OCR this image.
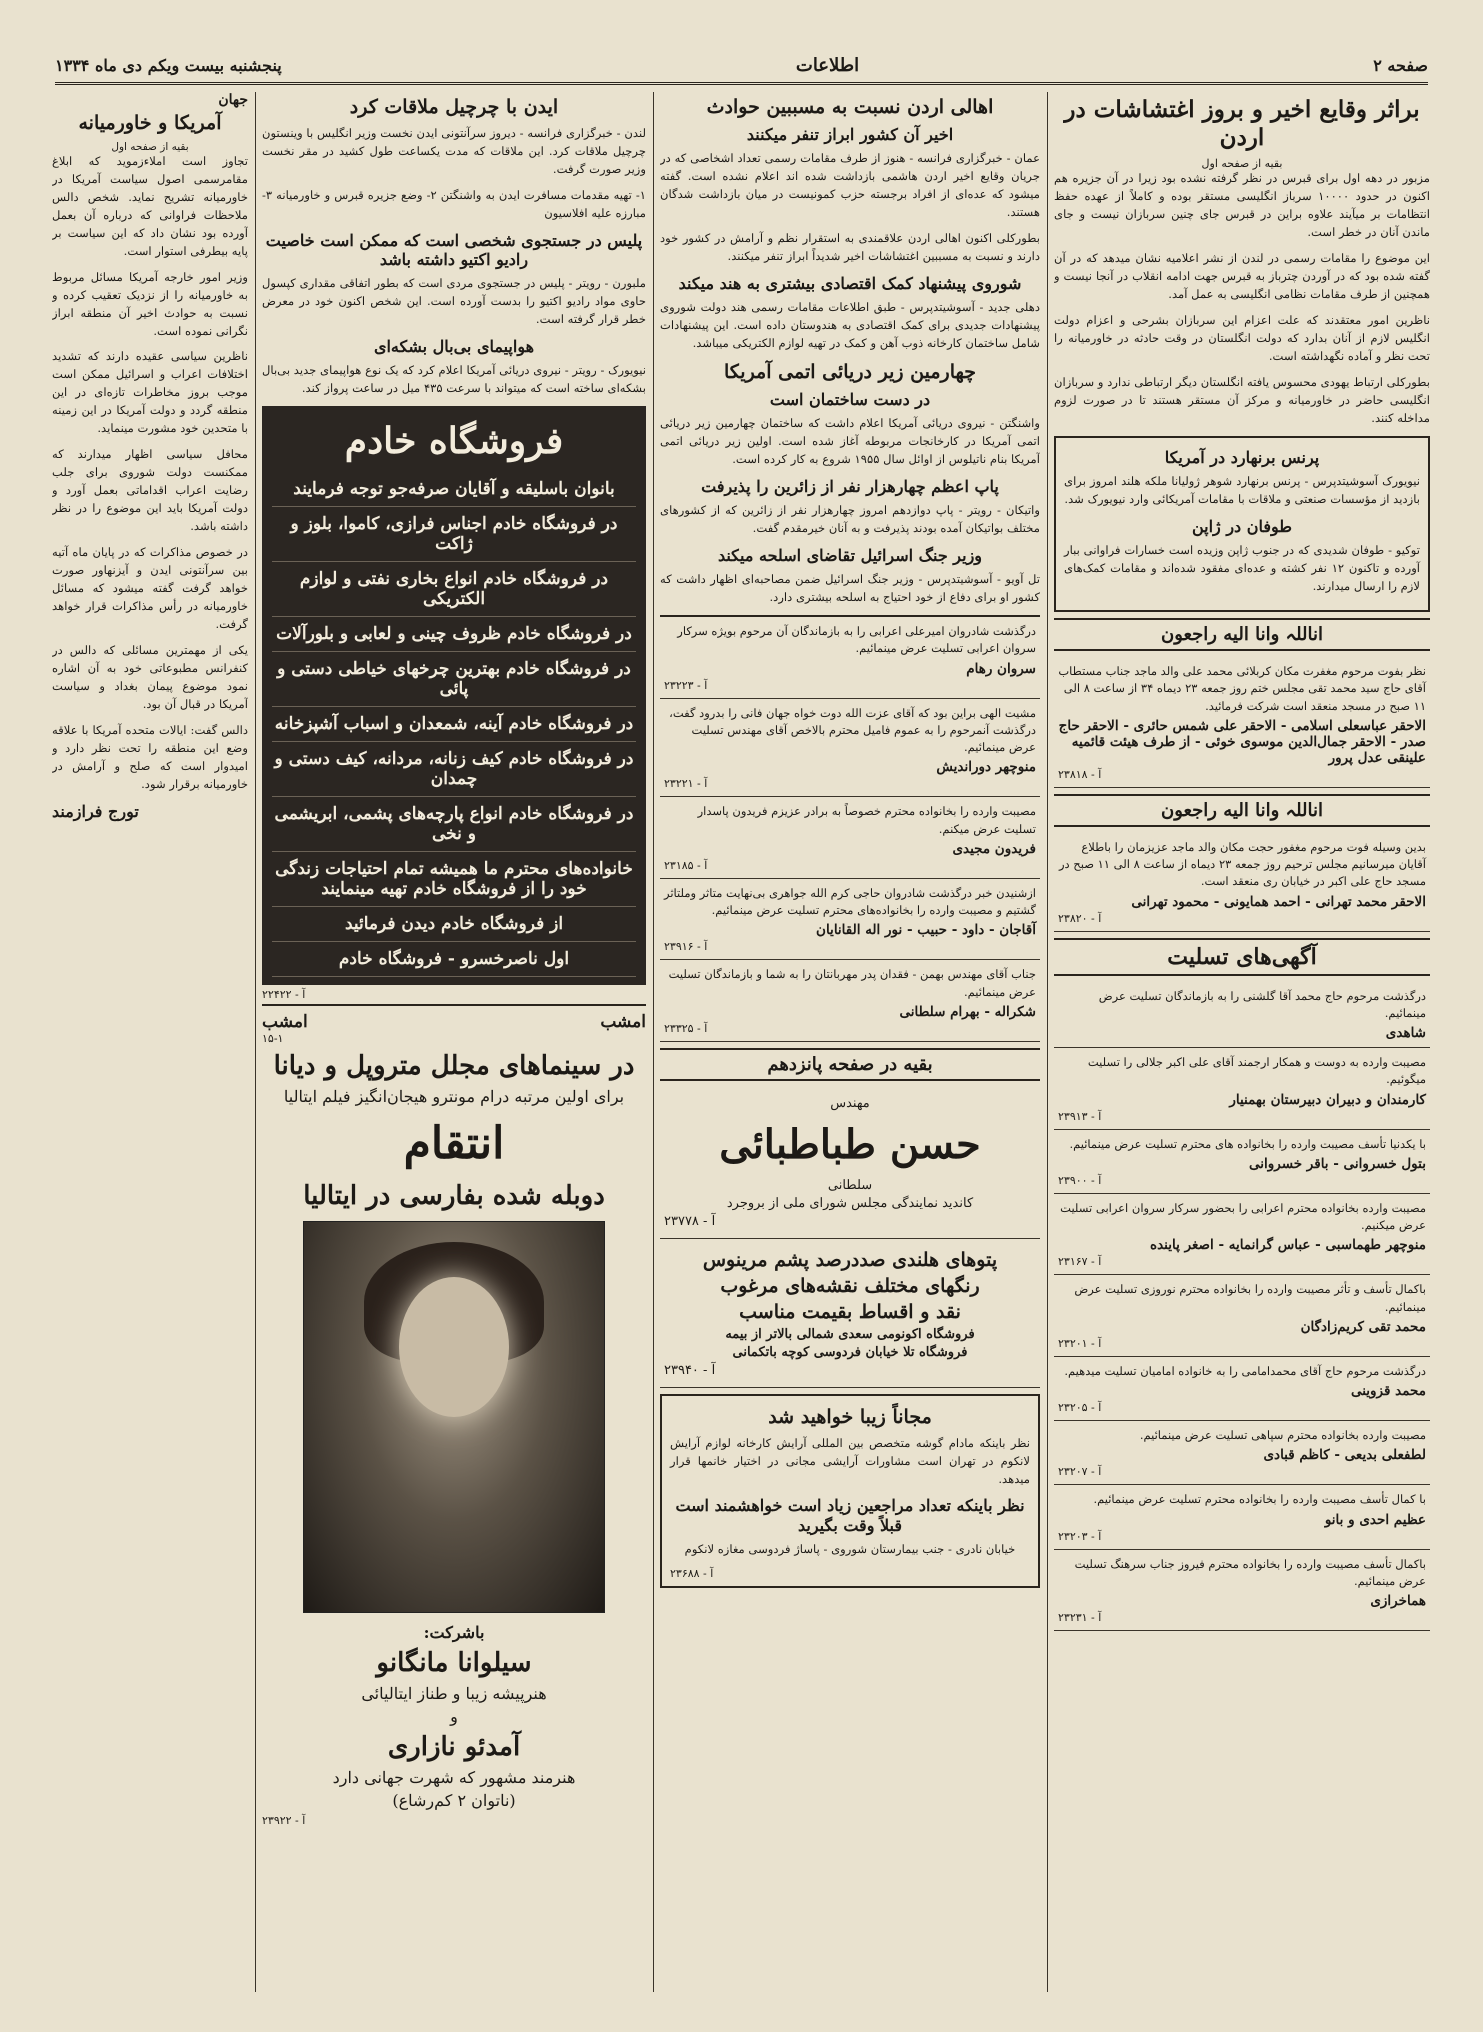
صفحه ۲
اطلاعات
پنجشنبه بیست ویکم دی ماه ۱۳۳۴
براثر وقایع اخیر و بروز اغتشاشات در اردن
بقیه از صفحه اول

مزبور در دهه اول برای قبرس در نظر گرفته نشده بود زیرا در آن جزیره هم اکنون در حدود ۱۰۰۰۰ سرباز انگلیسی مستقر بوده و کاملاً از عهده حفظ انتظامات بر میآیند علاوه براین در قبرس جای چنین سربازان نیست و جای ماندن آنان در خطر است.

این موضوع را مقامات رسمی در لندن از نشر اعلامیه نشان میدهد که در آن گفته شده بود که در آوردن چترباز به قبرس جهت ادامه انقلاب در آنجا نیست و همچنین از طرف مقامات نظامی انگلیسی به عمل آمد.

ناظرین امور معتقدند که علت اعزام این سربازان بشرحی و اعزام دولت انگلیس لازم از آنان بدارد که دولت انگلستان در وقت حادثه در خاورمیانه را تحت نظر و آماده نگهداشته است.

بطورکلی ارتباط یهودی محسوس یافته انگلستان دیگر ارتباطی ندارد و سربازان انگلیسی حاضر در خاورمیانه و مرکز آن مستقر هستند تا در صورت لزوم مداخله کنند.

پرنس برنهارد در آمریکا

نیویورک آسوشیتدپرس - پرنس برنهارد شوهر ژولیانا ملکه هلند امروز برای بازدید از مؤسسات صنعتی و ملاقات با مقامات آمریکائی وارد نیویورک شد.

طوفان در ژاپن

توکیو - طوفان شدیدی که در جنوب ژاپن وزیده است خسارات فراوانی ببار آورده و تاکنون ۱۲ نفر کشته و عده‌ای مفقود شده‌اند و مقامات کمک‌های لازم را ارسال میدارند.

اناللہ وانا الیه راجعون

نظر بفوت مرحوم مغفرت مکان کربلائی محمد علی والد ماجد جناب مستطاب آقای حاج سید محمد تقی مجلس ختم روز جمعه ۲۳ دیماه ۳۴ از ساعت ۸ الی ۱۱ صبح در مسجد منعقد است شرکت فرمائید.

الاحقر عباسعلی اسلامی - الاحقر علی شمس حائری - الاحقر حاج صدر - الاحقر جمال‌الدین موسوی خوئی - از طرف هیئت قائمیه علینقی عدل پرور

آ - ۲۳۸۱۸

اناللہ وانا الیه راجعون

بدین وسیله فوت مرحوم مغفور حجت مکان والد ماجد عزیزمان را باطلاع آقایان میرسانیم مجلس ترحیم روز جمعه ۲۳ دیماه از ساعت ۸ الی ۱۱ صبح در مسجد حاج علی اکبر در خیابان ری منعقد است.

الاحقر محمد تهرانی - احمد همایونی - محمود تهرانی

آ - ۲۳۸۲۰

آگهی‌های تسلیت

درگذشت مرحوم حاج محمد آقا گلشنی را به بازماندگان تسلیت عرض مینمائیم.

شاهدی

مصیبت وارده به دوست و همکار ارجمند آقای علی اکبر جلالی را تسلیت میگوئیم.

کارمندان و دبیران دبیرستان بهمنیار

آ - ۲۳۹۱۳

با یکدنیا تأسف مصیبت وارده را بخانواده های محترم تسلیت عرض مینمائیم.

بتول خسروانی - باقر خسروانی

آ - ۲۳۹۰۰

مصیبت وارده بخانواده محترم اعرابی را بحضور سرکار سروان اعرابی تسلیت عرض میکنیم.

منوچهر طهماسبی - عباس گرانمایه - اصغر پاینده

آ - ۲۳۱۶۷

باکمال تأسف و تأثر مصیبت وارده را بخانواده محترم نوروزی تسلیت عرض مینمائیم.

محمد تقی کریم‌زادگان

آ - ۲۳۲۰۱

درگذشت مرحوم حاج آقای محمدامامی را به خانواده امامیان تسلیت میدهیم.

محمد قزوینی

آ - ۲۳۲۰۵

مصیبت وارده بخانواده محترم سپاهی تسلیت عرض مینمائیم.

لطفعلی بدیعی - کاظم قبادی

آ - ۲۳۲۰۷

با کمال تأسف مصیبت وارده را بخانواده محترم تسلیت عرض مینمائیم.

عظیم احدی و بانو

آ - ۲۳۲۰۳

باکمال تأسف مصیبت وارده را بخانواده محترم فیروز جناب سرهنگ تسلیت عرض مینمائیم.

هماخرازی

آ - ۲۳۲۳۱

اهالی اردن نسبت به مسببین حوادث
اخیر آن کشور ابراز تنفر میکنند

عمان - خبرگزاری فرانسه - هنوز از طرف مقامات رسمی تعداد اشخاصی که در جریان وقایع اخیر اردن هاشمی بازداشت شده اند اعلام نشده است. گفته میشود که عده‌ای از افراد برجسته حزب کمونیست در میان بازداشت شدگان هستند.

بطورکلی اکنون اهالی اردن علاقمندی به استقرار نظم و آرامش در کشور خود دارند و نسبت به مسببین اغتشاشات اخیر شدیداً ابراز تنفر میکنند.

شوروی پیشنهاد کمک اقتصادی بیشتری به هند میکند

دهلی جدید - آسوشیتدپرس - طبق اطلاعات مقامات رسمی هند دولت شوروی پیشنهادات جدیدی برای کمک اقتصادی به هندوستان داده است. این پیشنهادات شامل ساختمان کارخانه ذوب آهن و کمک در تهیه لوازم الکتریکی میباشد.

چهارمین زیر دریائی اتمی آمریکا
در دست ساختمان است

واشنگتن - نیروی دریائی آمریکا اعلام داشت که ساختمان چهارمین زیر دریائی اتمی آمریکا در کارخانجات مربوطه آغاز شده است. اولین زیر دریائی اتمی آمریکا بنام ناتیلوس از اوائل سال ۱۹۵۵ شروع به کار کرده است.

پاپ اعظم چهارهزار نفر از زائرین را پذیرفت

واتیکان - رویتر - پاپ دوازدهم امروز چهارهزار نفر از زائرین که از کشورهای مختلف بواتیکان آمده بودند پذیرفت و به آنان خیرمقدم گفت.

وزیر جنگ اسرائیل تقاضای اسلحه میکند

تل آویو - آسوشیتدپرس - وزیر جنگ اسرائیل ضمن مصاحبه‌ای اظهار داشت که کشور او برای دفاع از خود احتیاج به اسلحه بیشتری دارد.

درگذشت شادروان امیرعلی اعرابی را به بازماندگان آن مرحوم بویژه سرکار سروان اعرابی تسلیت عرض مینمائیم.

سروان رهام

آ - ۲۳۲۲۳

مشیت الهی براین بود که آقای عزت الله دوت خواه جهان فانی را بدرود گفت، درگذشت آنمرحوم را به عموم فامیل محترم بالاخص آقای مهندس تسلیت عرض مینمائیم.

منوچهر دورانديش

آ - ۲۳۲۲۱

مصیبت وارده را بخانواده محترم خصوصاً به برادر عزیزم فریدون پاسدار تسلیت عرض میکنم.

فریدون مجیدی

آ - ۲۳۱۸۵

ازشنیدن خبر درگذشت شادروان حاجی کرم الله جواهری بی‌نهایت متاثر وملتاثر گشتیم و مصیبت وارده را بخانواده‌های محترم تسلیت عرض مینمائیم.

آقاجان - داود - حبیب - نور اله القانایان

آ - ۲۳۹۱۶

جناب آقای مهندس بهمن - فقدان پدر مهربانتان را به شما و بازماندگان تسلیت عرض مینمائیم.

شکراله - بهرام سلطانی

آ - ۲۳۳۲۵

بقیه در صفحه پانزدهم
مهندس
حسن طباطبائی
سلطانی
کاندید نمایندگی مجلس شورای ملی از بروجرد
آ - ۲۳۷۷۸
پتوهای هلندی صددرصد پشم مرینوس
رنگهای مختلف نقشه‌های مرغوب
نقد و اقساط بقیمت مناسب
فروشگاه اکونومی سعدی شمالی بالاتر از بیمه
فروشگاه تلا خیابان فردوسی کوچه باتکمانی
آ - ۲۳۹۴۰
مجاناً زیبا خواهید شد

نظر باینکه مادام گوشه متخصص بین المللی آرایش کارخانه لوازم آرایش لانکوم در تهران است مشاورات آرایشی مجانی در اختیار خانمها قرار میدهد.

نظر باینکه تعداد مراجعین زیاد است خواهشمند است قبلاً وقت بگیرید

خیابان نادری - جنب بیمارستان شوروی - پاساژ فردوسی مغازه لانکوم

آ - ۲۳۶۸۸
ایدن با چرچیل ملاقات کرد

لندن - خبرگزاری فرانسه - دیروز سرآنتونی ایدن نخست وزیر انگلیس با وینستون چرچیل ملاقات کرد. این ملاقات که مدت یکساعت طول کشید در مقر نخست وزیر صورت گرفت.

۱- تهیه مقدمات مسافرت ایدن به واشنگتن ۲- وضع جزیره قبرس و خاورمیانه ۳- مبارزه علیه افلاسیون

پلیس در جستجوی شخصی است که ممکن است خاصیت رادیو اکتیو داشته باشد

ملبورن - رویتر - پلیس در جستجوی مردی است که بطور اتفاقی مقداری کپسول حاوی مواد رادیو اکتیو را بدست آورده است. این شخص اکنون خود در معرض خطر قرار گرفته است.

هواپیمای بی‌بال بشکه‌ای

نیویورک - رویتر - نیروی دریائی آمریکا اعلام کرد که یک نوع هواپیمای جدید بی‌بال بشکه‌ای ساخته است که میتواند با سرعت ۴۳۵ میل در ساعت پرواز کند.

فروشگاه خادم
بانوان باسلیقه و آقایان صرفه‌جو توجه فرمایند
در فروشگاه خادم اجناس فرازی، کاموا، بلوز و ژاکت
در فروشگاه خادم انواع بخاری نفتی و لوازم الکتریکی
در فروشگاه خادم ظروف چینی و لعابی و بلورآلات
در فروشگاه خادم بهترین چرخهای خیاطی دستی و پائی
در فروشگاه خادم آینه، شمعدان و اسباب آشپزخانه
در فروشگاه خادم کیف زنانه، مردانه، کیف دستی و چمدان
در فروشگاه خادم انواع پارچه‌های پشمی، ابریشمی و نخی
خانواده‌های محترم ما همیشه تمام احتیاجات زندگی خود را از فروشگاه خادم تهیه مینمایند
از فروشگاه خادم دیدن فرمائید
اول ناصرخسرو - فروشگاه خادم
آ - ۲۲۴۲۲
امشب
امشب
۱۵-۱
در سینماهای مجلل متروپل و دیانا
برای اولین مرتبه درام مونترو هیجان‌انگیز فیلم ایتالیا
انتقام
دوبله شده بفارسی در ایتالیا
باشرکت:
سیلوانا مانگانو
هنرپیشه زیبا و طناز ایتالیائی
و
آمدئو نازاری
هنرمند مشهور که شهرت جهانی دارد
(ناتوان ۲ کم‌رشاع)
آ - ۲۳۹۲۲
جهان
آمریکا و خاورمیانه
بقیه از صفحه اول

تجاوز است املاءزموید که ابلاغ مقامرسمی اصول سیاست آمریکا در خاورمیانه تشریح نماید. شخص دالس ملاحظات فراوانی که درباره آن بعمل آورده بود نشان داد که این سیاست بر پایه بیطرفی استوار است.

وزیر امور خارجه آمریکا مسائل مربوط به خاورمیانه را از نزدیک تعقیب کرده و نسبت به حوادث اخیر آن منطقه ابراز نگرانی نموده است.

ناظرین سیاسی عقیده دارند که تشدید اختلافات اعراب و اسرائیل ممکن است موجب بروز مخاطرات تازه‌ای در این منطقه گردد و دولت آمریکا در این زمینه با متحدین خود مشورت مینماید.

محافل سیاسی اظهار میدارند که ممکنست دولت شوروی برای جلب رضایت اعراب اقداماتی بعمل آورد و دولت آمریکا باید این موضوع را در نظر داشته باشد.

در خصوص مذاکرات که در پایان ماه آتیه بین سرآنتونی ایدن و آیزنهاور صورت خواهد گرفت گفته میشود که مسائل خاورمیانه در رأس مذاکرات قرار خواهد گرفت.

یکی از مهمترین مسائلی که دالس در کنفرانس مطبوعاتی خود به آن اشاره نمود موضوع پیمان بغداد و سیاست آمریکا در قبال آن بود.

دالس گفت: ایالات متحده آمریکا با علاقه وضع این منطقه را تحت نظر دارد و امیدوار است که صلح و آرامش در خاورمیانه برقرار شود.

تورج فرازمند
